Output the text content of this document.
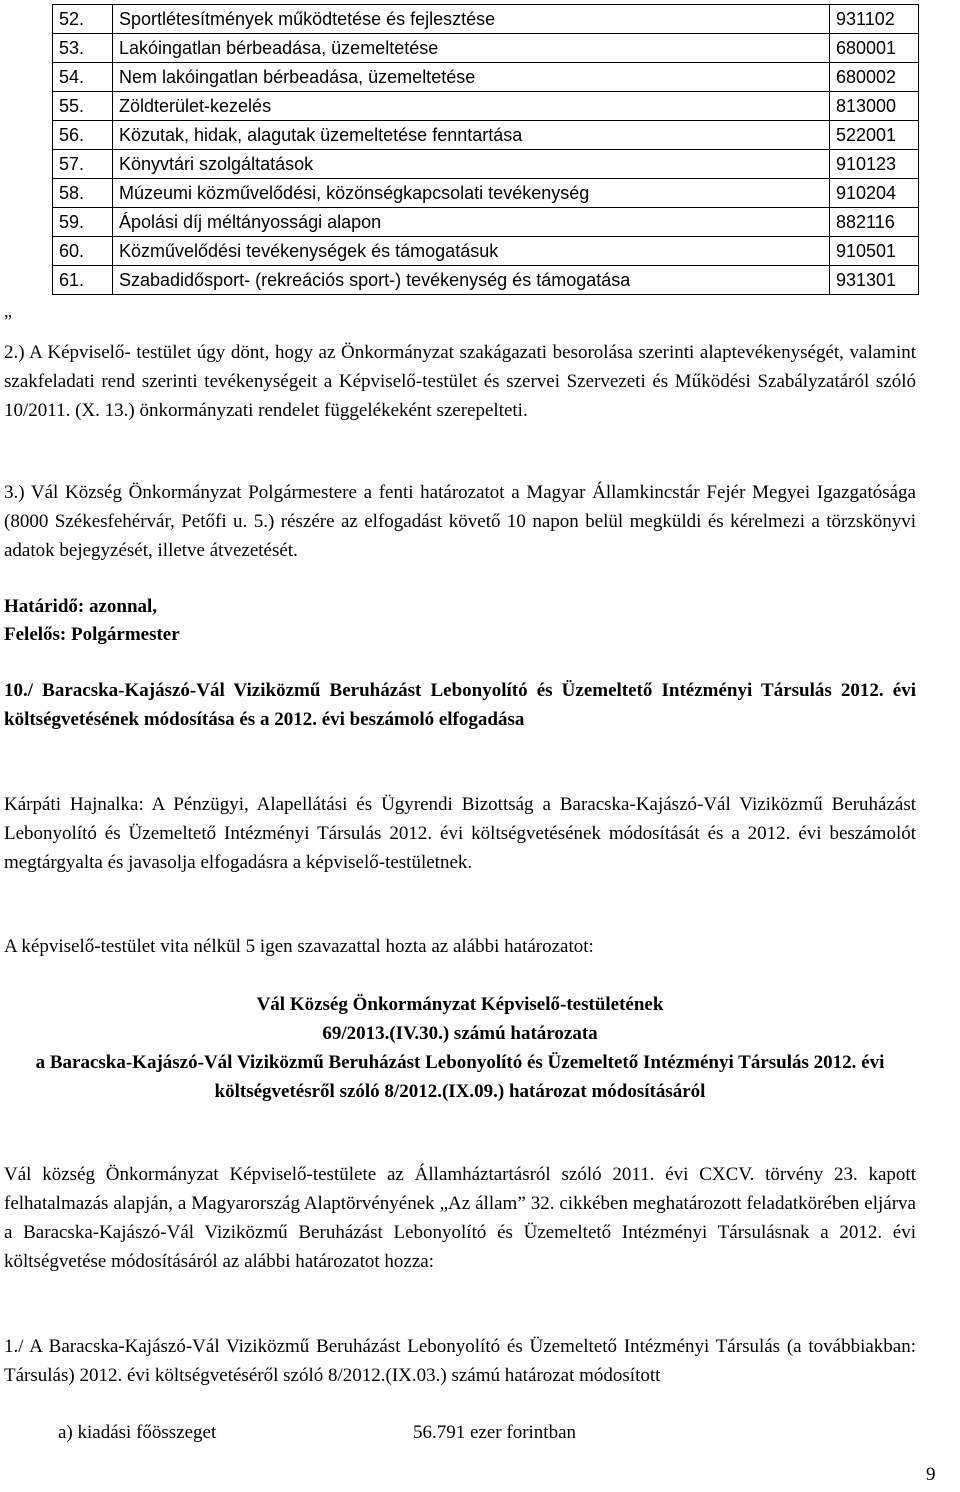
52.	Sportlétesítmények működtetése és fejlesztése	931102
53.	Lakóingatlan bérbeadása, üzemeltetése	680001
54.	Nem lakóingatlan bérbeadása, üzemeltetése	680002
55.	Zöldterület-kezelés	813000
56.	Közutak, hidak, alagutak üzemeltetése fenntartása	522001
57.	Könyvtári szolgáltatások	910123
58.	Múzeumi közművelődési, közönségkapcsolati tevékenység	910204
59.	Ápolási díj méltányossági alapon	882116
60.	Közművelődési tevékenységek és támogatásuk	910501
61.	Szabadidősport- (rekreációs sport-) tevékenység és támogatása	931301
”

2.) A Képviselő- testület úgy dönt, hogy az Önkormányzat szakágazati besorolása szerinti alaptevékenységét, valamint szakfeladati rend szerinti tevékenységeit a Képviselő-testület és szervei Szervezeti és Működési Szabályzatáról szóló 10/2011. (X. 13.) önkormányzati rendelet függelékeként szerepelteti.

3.) Vál Község Önkormányzat Polgármestere a fenti határozatot a Magyar Államkincstár Fejér Megyei Igazgatósága (8000 Székesfehérvár, Petőfi u. 5.) részére az elfogadást követő 10 napon belül megküldi és kérelmezi a törzskönyvi adatok bejegyzését, illetve átvezetését.

Határidő: azonnal,

Felelős: Polgármester

10./ Baracska-Kajászó-Vál Viziközmű Beruházást Lebonyolító és Üzemeltető Intézményi Társulás 2012. évi költségvetésének módosítása és a 2012. évi beszámoló elfogadása

Kárpáti Hajnalka: A Pénzügyi, Alapellátási és Ügyrendi Bizottság a Baracska-Kajászó-Vál Viziközmű Beruházást Lebonyolító és Üzemeltető Intézményi Társulás 2012. évi költségvetésének módosítását és a 2012. évi beszámolót megtárgyalta és javasolja elfogadásra a képviselő-testületnek.

A képviselő-testület vita nélkül 5 igen szavazattal hozta az alábbi határozatot:

Vál Község Önkormányzat Képviselő-testületének

69/2013.(IV.30.) számú határozata

a Baracska-Kajászó-Vál Viziközmű Beruházást Lebonyolító és Üzemeltető Intézményi Társulás 2012. évi költségvetésről szóló 8/2012.(IX.09.) határozat módosításáról

Vál község Önkormányzat Képviselő-testülete az Államháztartásról szóló 2011. évi CXCV. törvény 23. kapott felhatalmazás alapján, a Magyarország Alaptörvényének „Az állam” 32. cikkében meghatározott feladatkörében eljárva a Baracska-Kajászó-Vál Viziközmű Beruházást Lebonyolító és Üzemeltető Intézményi Társulásnak a 2012. évi költségvetése módosításáról az alábbi határozatot hozza:

1./ A Baracska-Kajászó-Vál Viziközmű Beruházást Lebonyolító és Üzemeltető Intézményi Társulás (a továbbiakban: Társulás) 2012. évi költségvetéséről szóló 8/2012.(IX.03.) számú határozat módosított

a) kiadási főösszeget	56.791 ezer forintban
9
